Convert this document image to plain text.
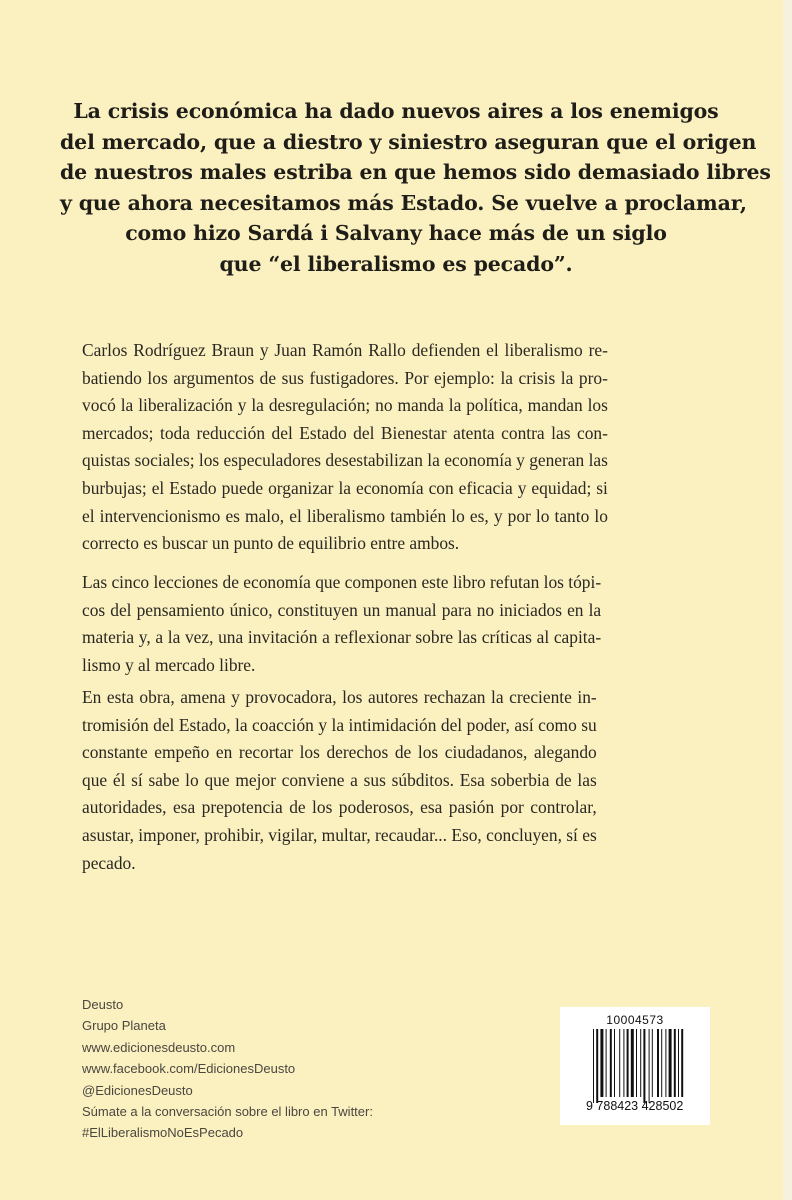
La crisis económica ha dado nuevos aires a los enemigos
del mercado, que a diestro y siniestro aseguran que el origen
de nuestros males estriba en que hemos sido demasiado libres
y que ahora necesitamos más Estado. Se vuelve a proclamar,
como hizo Sardá i Salvany hace más de un siglo
que “el liberalismo es pecado”.
Carlos Rodríguez Braun y Juan Ramón Rallo defienden el liberalismo re-
batiendo los argumentos de sus fustigadores. Por ejemplo: la crisis la pro-
vocó la liberalización y la desregulación; no manda la política, mandan los
mercados; toda reducción del Estado del Bienestar atenta contra las con-
quistas sociales; los especuladores desestabilizan la economía y generan las
burbujas; el Estado puede organizar la economía con eficacia y equidad; si
el intervencionismo es malo, el liberalismo también lo es, y por lo tanto lo
correcto es buscar un punto de equilibrio entre ambos.
Las cinco lecciones de economía que componen este libro refutan los tópi-
cos del pensamiento único, constituyen un manual para no iniciados en la
materia y, a la vez, una invitación a reflexionar sobre las críticas al capita-
lismo y al mercado libre.
En esta obra, amena y provocadora, los autores rechazan la creciente in-
tromisión del Estado, la coacción y la intimidación del poder, así como su
constante empeño en recortar los derechos de los ciudadanos, alegando
que él sí sabe lo que mejor conviene a sus súbditos. Esa soberbia de las
autoridades, esa prepotencia de los poderosos, esa pasión por controlar,
asustar, imponer, prohibir, vigilar, multar, recaudar... Eso, concluyen, sí es
pecado.
Deusto
Grupo Planeta
www.edicionesdeusto.com
www.facebook.com/EdicionesDeusto
@EdicionesDeusto
Súmate a la conversación sobre el libro en Twitter:
#ElLiberalismoNoEsPecado
10004573
9 788423 428502
